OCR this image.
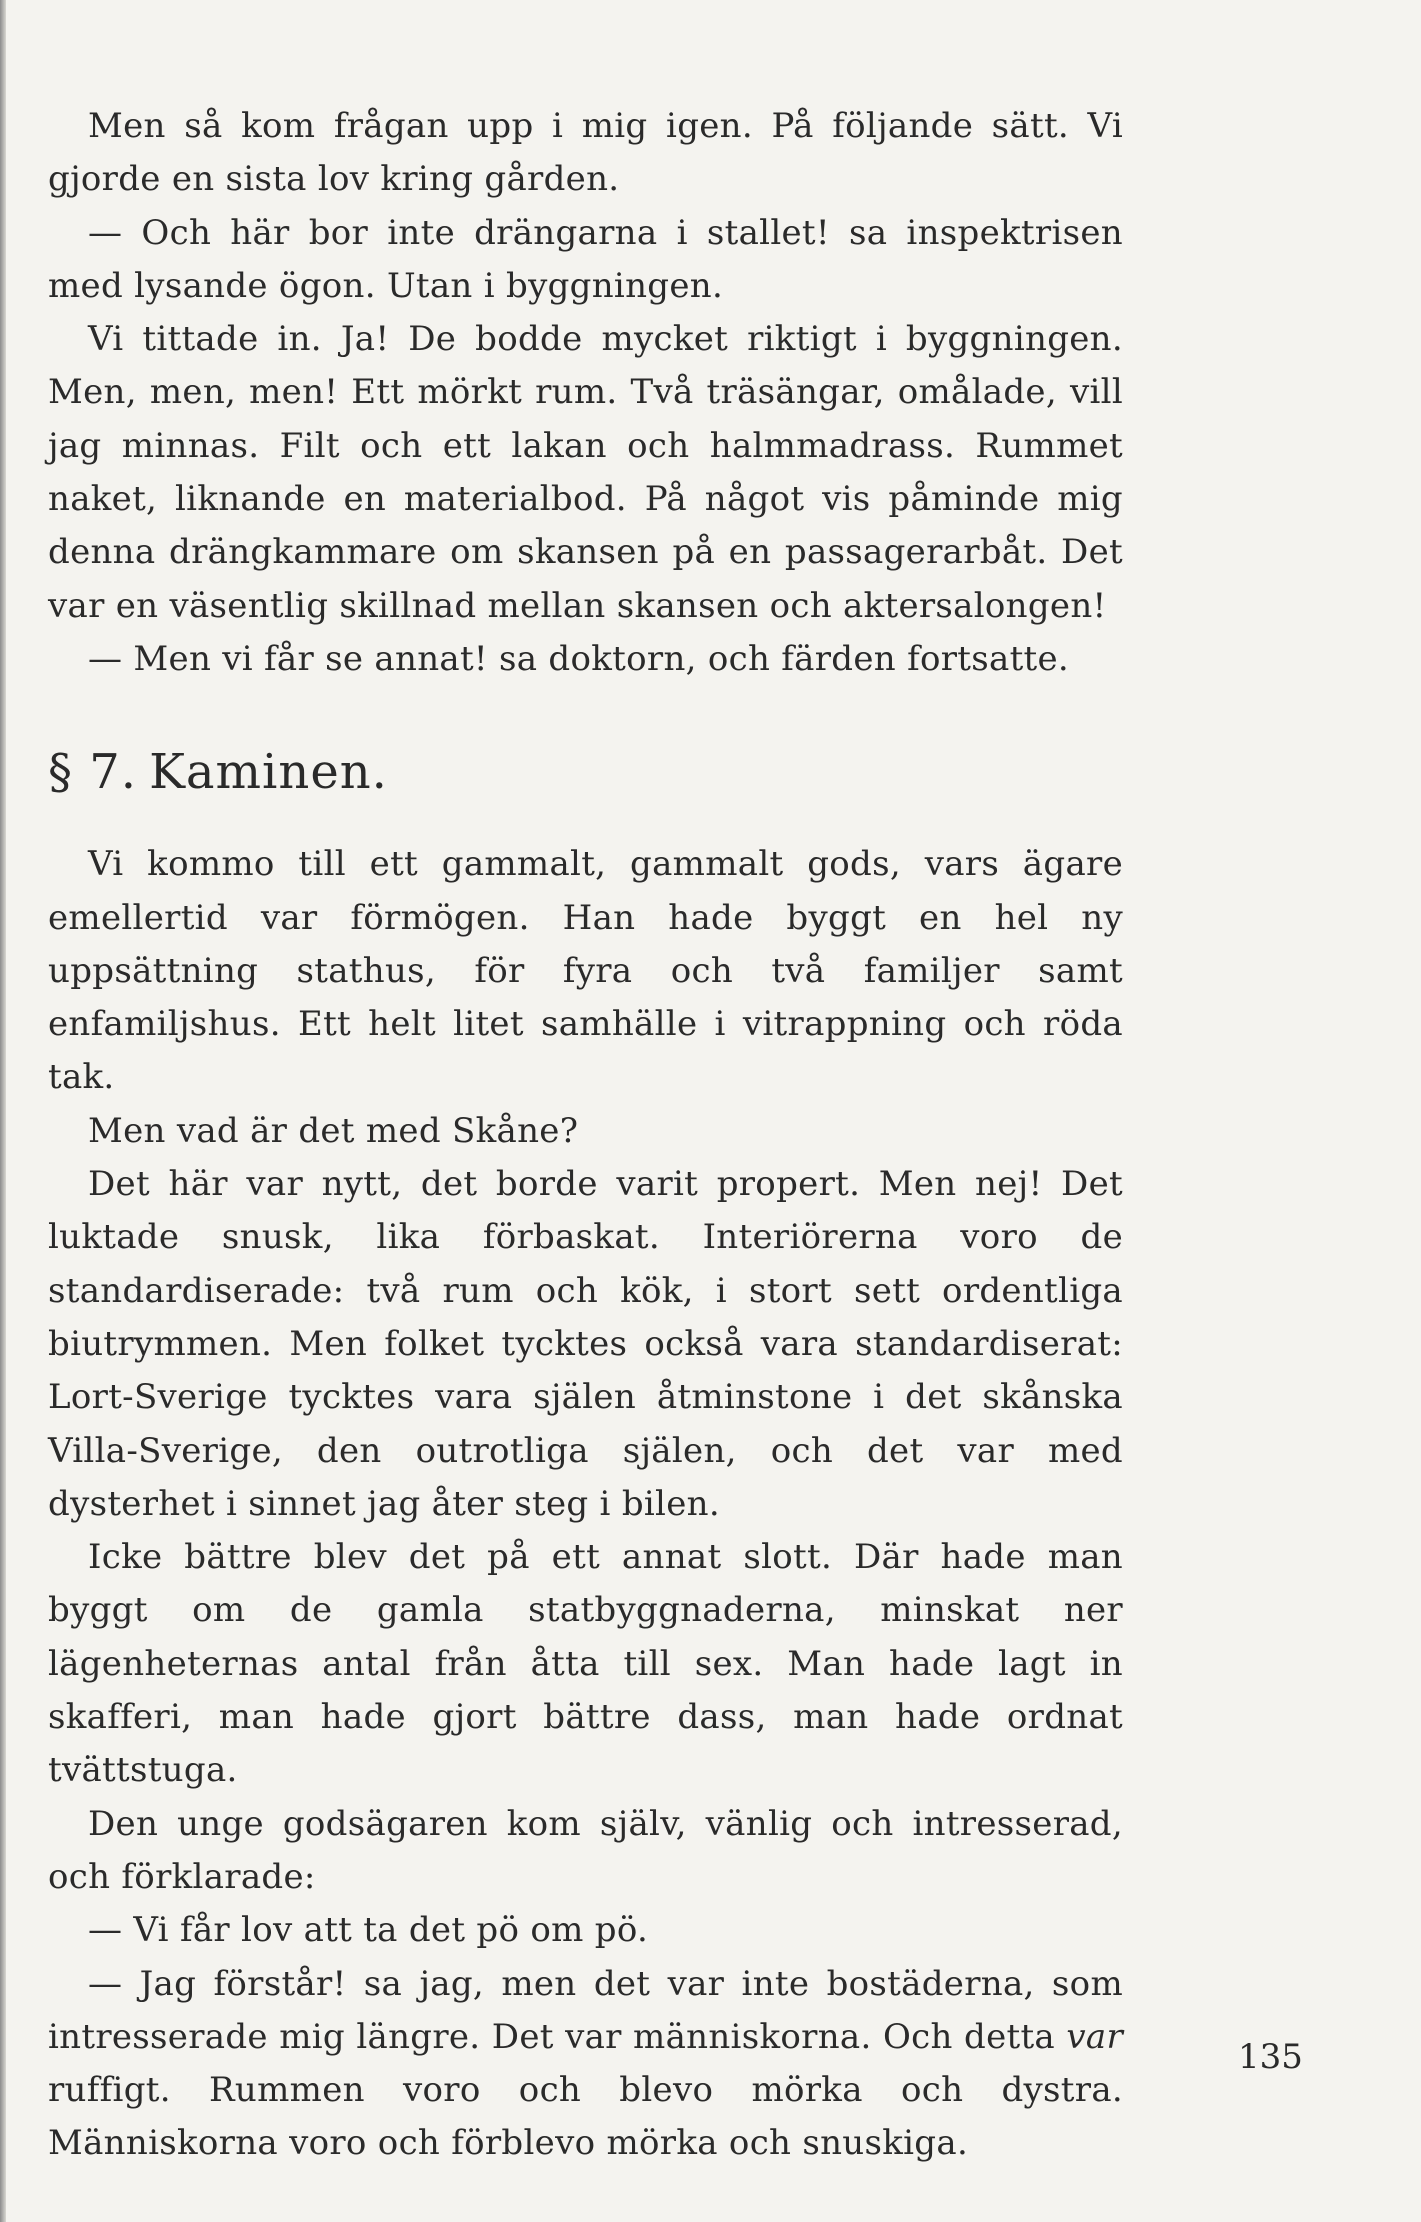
Men så kom frågan upp i mig igen. På följande sätt. Vi gjorde en sista lov kring gården.

— Och här bor inte drängarna i stallet! sa inspektrisen med lysande ögon. Utan i byggningen.

Vi tittade in. Ja! De bodde mycket riktigt i byggningen. Men, men, men! Ett mörkt rum. Två träsängar, omålade, vill jag minnas. Filt och ett lakan och halmmadrass. Rummet naket, liknande en materialbod. På något vis påminde mig denna drängkammare om skansen på en passagerarbåt. Det var en väsentlig skillnad mellan skansen och aktersalongen!

— Men vi får se annat! sa doktorn, och färden fortsatte.

§ 7. Kaminen.

Vi kommo till ett gammalt, gammalt gods, vars ägare emellertid var förmögen. Han hade byggt en hel ny uppsättning stathus, för fyra och två familjer samt enfamiljshus. Ett helt litet samhälle i vitrappning och röda tak.

Men vad är det med Skåne?

Det här var nytt, det borde varit propert. Men nej! Det luktade snusk, lika förbaskat. Interiörerna voro de standardiserade: två rum och kök, i stort sett ordentliga biutrymmen. Men folket tycktes också vara standardiserat: Lort-Sverige tycktes vara själen åtminstone i det skånska Villa-Sverige, den outrotliga själen, och det var med dysterhet i sinnet jag åter steg i bilen.

Icke bättre blev det på ett annat slott. Där hade man byggt om de gamla statbyggnaderna, minskat ner lägenheternas antal från åtta till sex. Man hade lagt in skafferi, man hade gjort bättre dass, man hade ordnat tvättstuga.

Den unge godsägaren kom själv, vänlig och intresserad, och förklarade:

— Vi får lov att ta det pö om pö.

— Jag förstår! sa jag, men det var inte bostäderna, som intresserade mig längre. Det var människorna. Och detta var ruffigt. Rummen voro och blevo mörka och dystra. Människorna voro och förblevo mörka och snuskiga.

135
